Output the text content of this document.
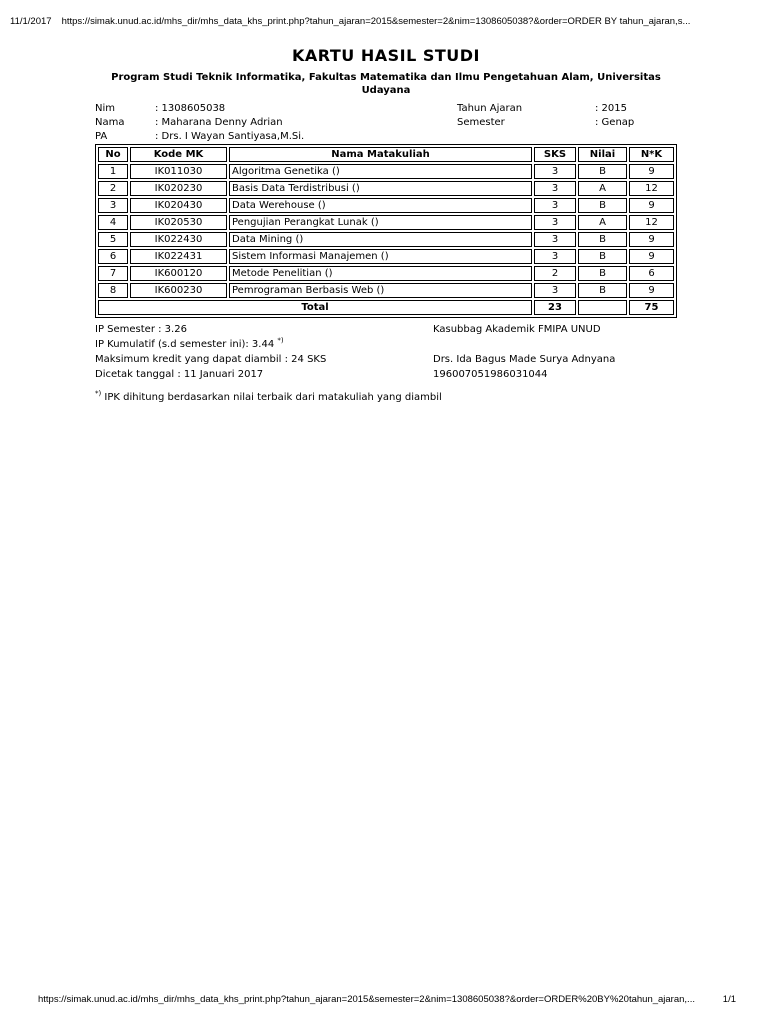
11/1/2017 https://simak.unud.ac.id/mhs_dir/mhs_data_khs_print.php?tahun_ajaran=2015&semester=2&nim=1308605038?&order=ORDER BY tahun_ajaran,s...
KARTU HASIL STUDI
Program Studi Teknik Informatika, Fakultas Matematika dan Ilmu Pengetahuan Alam, Universitas Udayana
Nim	: 1308605038	Tahun Ajaran	: 2015
Nama	: Maharana Denny Adrian	Semester	: Genap
PA	: Drs. I Wayan Santiyasa,M.Si.		
No	Kode MK	Nama Matakuliah	SKS	Nilai	N*K
1	IK011030	Algoritma Genetika ()	3	B	9
2	IK020230	Basis Data Terdistribusi ()	3	A	12
3	IK020430	Data Werehouse ()	3	B	9
4	IK020530	Pengujian Perangkat Lunak ()	3	A	12
5	IK022430	Data Mining ()	3	B	9
6	IK022431	Sistem Informasi Manajemen ()	3	B	9
7	IK600120	Metode Penelitian ()	2	B	6
8	IK600230	Pemrograman Berbasis Web ()	3	B	9
Total			23		75
IP Semester : 3.26
IP Kumulatif (s.d semester ini): 3.44 *)
Maksimum kredit yang dapat diambil : 24 SKS
Dicetak tanggal : 11 Januari 2017
Kasubbag Akademik FMIPA UNUD
Drs. Ida Bagus Made Surya Adnyana
196007051986031044
*) IPK dihitung berdasarkan nilai terbaik dari matakuliah yang diambil
https://simak.unud.ac.id/mhs_dir/mhs_data_khs_print.php?tahun_ajaran=2015&semester=2&nim=1308605038?&order=ORDER%20BY%20tahun_ajaran,...	1/1
